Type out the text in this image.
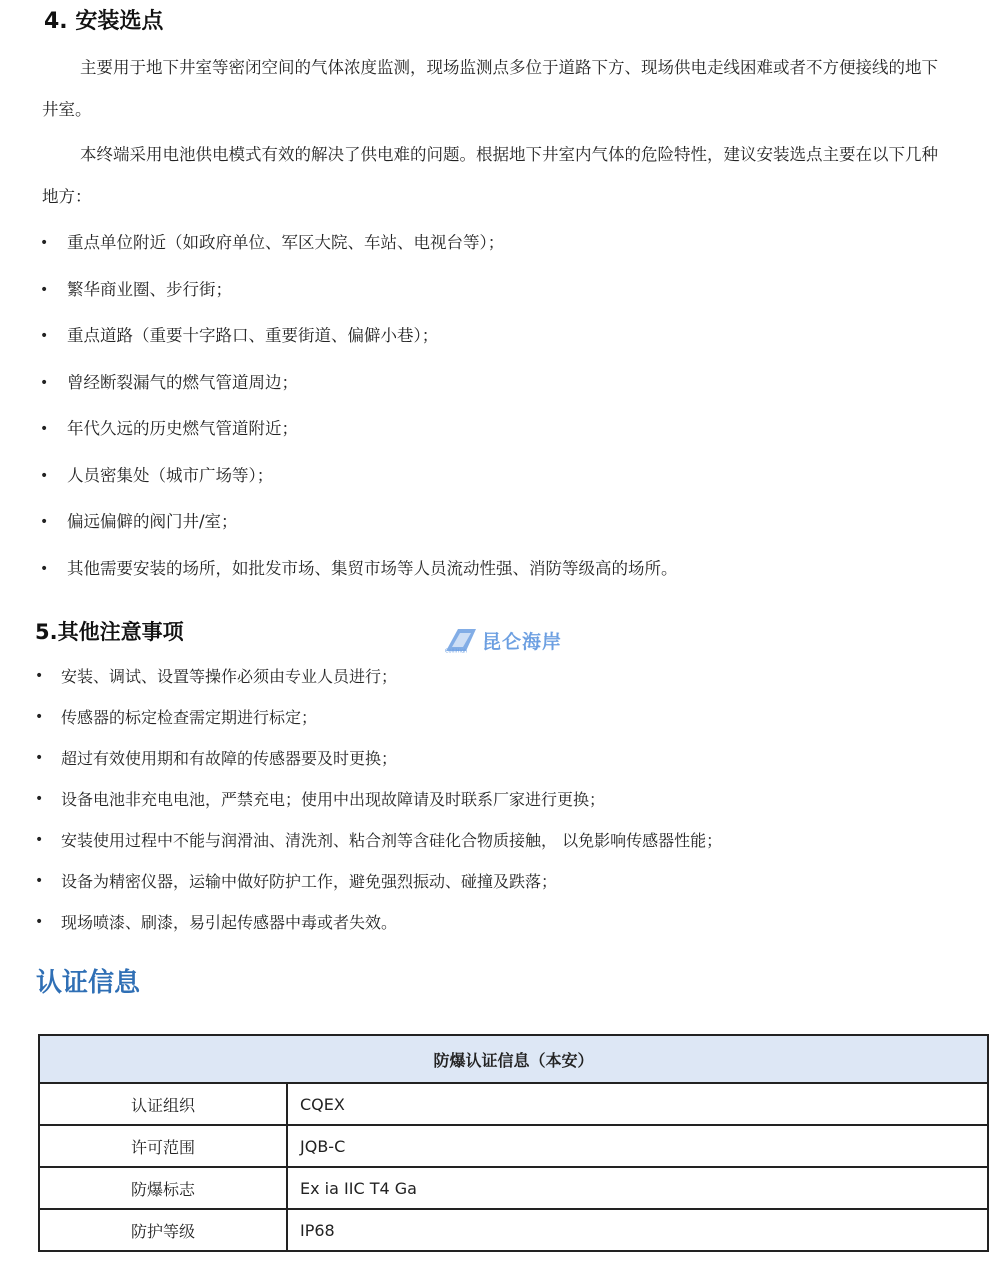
4. 安装选点

主要用于地下井室等密闭空间的气体浓度监测，现场监测点多位于道路下方、现场供电走线困难或者不方便接线的地下井室。

本终端采用电池供电模式有效的解决了供电难的问题。根据地下井室内气体的危险特性，建议安装选点主要在以下几种地方：

• 重点单位附近（如政府单位、军区大院、车站、电视台等）；
• 繁华商业圈、步行街；
• 重点道路（重要十字路口、重要街道、偏僻小巷）；
• 曾经断裂漏气的燃气管道周边；
• 年代久远的历史燃气管道附近；
• 人员密集处（城市广场等）；
• 偏远偏僻的阀门井/室；
• 其他需要安装的场所，如批发市场、集贸市场等人员流动性强、消防等级高的场所。
5.其他注意事项
ColliHigh 昆仑海岸
• 安装、调试、设置等操作必须由专业人员进行；
• 传感器的标定检查需定期进行标定；
• 超过有效使用期和有故障的传感器要及时更换；
• 设备电池非充电电池，严禁充电；使用中出现故障请及时联系厂家进行更换；
• 安装使用过程中不能与润滑油、清洗剂、粘合剂等含硅化合物质接触， 以免影响传感器性能；
• 设备为精密仪器，运输中做好防护工作，避免强烈振动、碰撞及跌落；
• 现场喷漆、刷漆，易引起传感器中毒或者失效。
认证信息
防爆认证信息（本安）	
认证组织	CQEX
许可范围	JQB-C
防爆标志	Ex ia IIC T4 Ga
防护等级	IP68
